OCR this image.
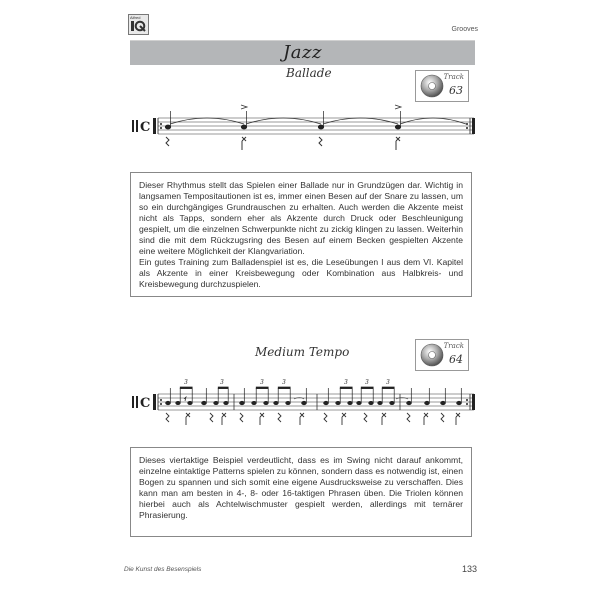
Alfred
Grooves
Jazz
Ballade	Track
63
C

Dieser Rhythmus stellt das Spielen einer Ballade nur in Grundzügen dar. Wichtig in langsamen Tempositautionen ist es, immer einen Besen auf der Snare zu lassen, um so ein durchgängiges Grundrauschen zu erhalten. Auch werden die Akzente meist nicht als Tapps, sondern eher als Akzente durch Druck oder Beschleunigung gespielt, um die einzelnen Schwerpunkte nicht zu zickig klingen zu lassen. Weiterhin sind die mit dem Rückzugsring des Besen auf einem Becken gespielten Akzente eine weitere Möglichkeit der Klangvariation.

Ein gutes Training zum Balladenspiel ist es, die Leseübungen I aus dem VI. Kapitel als Akzente in einer Kreisbewegung oder Kombination aus Halbkreis- und Kreisbewegung durchzuspielen.

Medium Tempo	Track
64
C
3	3	3	3	3	3	3

Dieses viertaktige Beispiel verdeutlicht, dass es im Swing nicht darauf ankommt, einzelne eintaktige Patterns spielen zu können, sondern dass es notwendig ist, einen Bogen zu spannen und sich somit eine eigene Ausdrucksweise zu verschaffen. Dies kann man am besten in 4-, 8- oder 16-taktigen Phrasen üben. Die Triolen können hierbei auch als Achtelwischmuster gespielt werden, allerdings mit ternärer Phrasierung.

Die Kunst des Besenspiels	133
